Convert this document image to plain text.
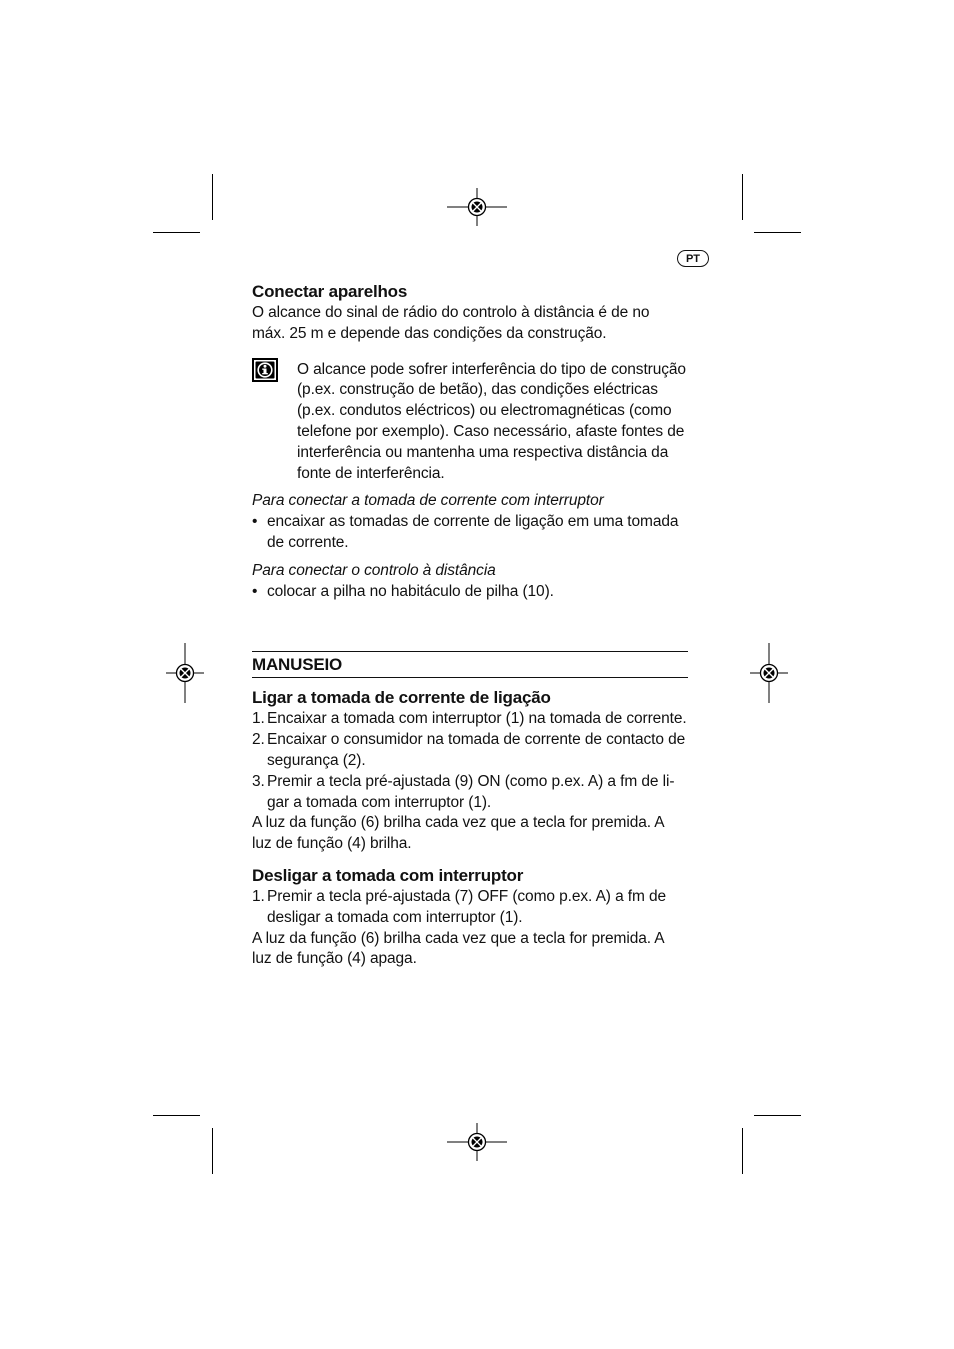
PT
Conectar aparelhos

O alcance do sinal de rádio do controlo à distância é de no
máx. 25 m e depende das condições da construção.

O alcance pode sofrer interferência do tipo de construção
(p.ex. construção de betão), das condições eléctricas
(p.ex. condutos eléctricos) ou electromagnéticas (como
telefone por exemplo). Caso necessário, afaste fontes de
interferência ou mantenha uma respectiva distância da
fonte de interferência.

Para conectar a tomada de corrente com interruptor

• encaixar as tomadas de corrente de ligação em uma tomada
de corrente.

Para conectar o controlo à distância

• colocar a pilha no habitáculo de pilha (10).
MANUSEIO
Ligar a tomada de corrente de ligação
1. Encaixar a tomada com interruptor (1) na tomada de corrente.
2. Encaixar o consumidor na tomada de corrente de contacto de
segurança (2).
3. Premir a tecla pré-ajustada (9) ON (como p.ex. A) a fm de li-
gar a tomada com interruptor (1).

A luz da função (6) brilha cada vez que a tecla for premida. A
luz de função (4) brilha.

Desligar a tomada com interruptor
1. Premir a tecla pré-ajustada (7) OFF (como p.ex. A) a fm de
desligar a tomada com interruptor (1).

A luz da função (6) brilha cada vez que a tecla for premida. A
luz de função (4) apaga.
